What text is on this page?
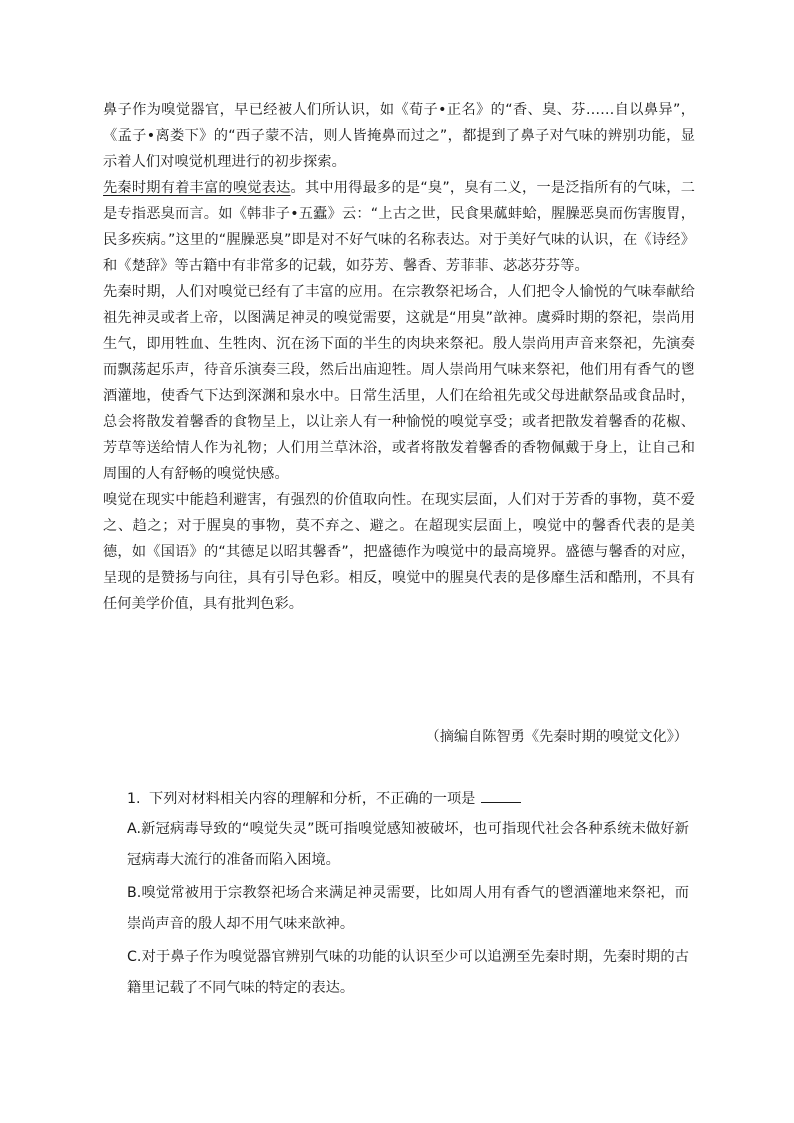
鼻子作为嗅觉器官，早已经被人们所认识，如《荀子•正名》的“香、臭、芬……自以鼻异”，《孟子•离娄下》的“西子蒙不洁，则人皆掩鼻而过之”，都提到了鼻子对气味的辨别功能，显示着人们对嗅觉机理进行的初步探索。

先秦时期有着丰富的嗅觉表达。其中用得最多的是“臭”，臭有二义，一是泛指所有的气味，二是专指恶臭而言。如《韩非子•五蠹》云：“上古之世，民食果蓏蚌蛤，腥臊恶臭而伤害腹胃，民多疾病。”这里的“腥臊恶臭”即是对不好气味的名称表达。对于美好气味的认识，在《诗经》和《楚辞》等古籍中有非常多的记载，如芬芳、馨香、芳菲菲、苾苾芬芬等。

先秦时期，人们对嗅觉已经有了丰富的应用。在宗教祭祀场合，人们把令人愉悦的气味奉献给祖先神灵或者上帝，以图满足神灵的嗅觉需要，这就是“用臭”歆神。虞舜时期的祭祀，崇尚用生气，即用牲血、生牲肉、沉在汤下面的半生的肉块来祭祀。殷人崇尚用声音来祭祀，先演奏而飘荡起乐声，待音乐演奏三段，然后出庙迎牲。周人崇尚用气味来祭祀，他们用有香气的鬯酒灌地，使香气下达到深渊和泉水中。日常生活里，人们在给祖先或父母进献祭品或食品时，总会将散发着馨香的食物呈上，以让亲人有一种愉悦的嗅觉享受；或者把散发着馨香的花椒、芳草等送给情人作为礼物；人们用兰草沐浴，或者将散发着馨香的香物佩戴于身上，让自己和周围的人有舒畅的嗅觉快感。

嗅觉在现实中能趋利避害，有强烈的价值取向性。在现实层面，人们对于芳香的事物，莫不爱之、趋之；对于腥臭的事物，莫不弃之、避之。在超现实层面上，嗅觉中的馨香代表的是美德，如《国语》的“其德足以昭其馨香”，把盛德作为嗅觉中的最高境界。盛德与馨香的对应，呈现的是赞扬与向往，具有引导色彩。相反，嗅觉中的腥臭代表的是侈靡生活和酷刑，不具有任何美学价值，具有批判色彩。

（摘编自陈智勇《先秦时期的嗅觉文化》）

1. 下列对材料相关内容的理解和分析，不正确的一项是

A.新冠病毒导致的“嗅觉失灵”既可指嗅觉感知被破坏，也可指现代社会各种系统未做好新冠病毒大流行的准备而陷入困境。

B.嗅觉常被用于宗教祭祀场合来满足神灵需要，比如周人用有香气的鬯酒灌地来祭祀，而崇尚声音的殷人却不用气味来歆神。

C.对于鼻子作为嗅觉器官辨别气味的功能的认识至少可以追溯至先秦时期，先秦时期的古籍里记载了不同气味的特定的表达。
